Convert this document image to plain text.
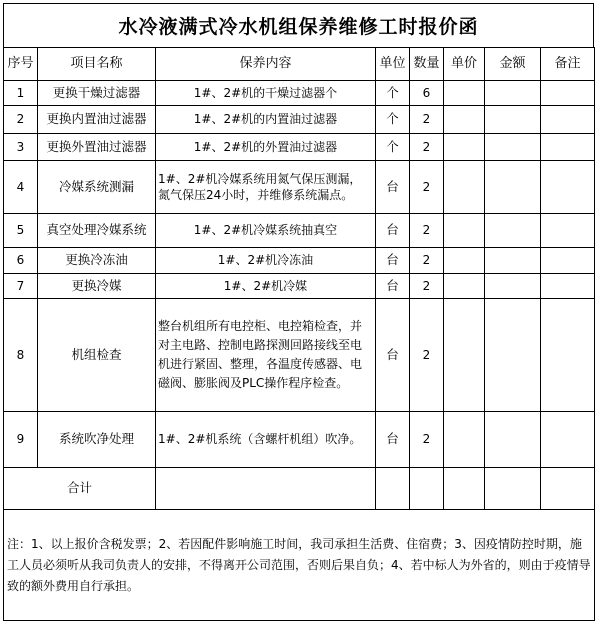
水冷液满式冷水机组保养维修工时报价函
序号	项目名称	保养内容	单位	数量	单价	金额	备注
1	更换干燥过滤器	1#、2#机的干燥过滤器个	个	6			
2	更换内置油过滤器	1#、2#机的内置油过滤器	个	2			
3	更换外置油过滤器	1#、2#机的外置油过滤器	个	2			
4	冷媒系统测漏	1#、2#机冷媒系统用氮气保压测漏，氮气保压24小时，并维修系统漏点。	台	2			
5	真空处理冷媒系统	1#、2#机冷媒系统抽真空	台	2			
6	更换冷冻油	1#、2#机冷冻油	台	2			
7	更换冷媒	1#、2#机冷媒	台	2			
8	机组检查	整台机组所有电控柜、电控箱检查，并对主电路、控制电路探测回路接线至电机进行紧固、整理，各温度传感器、电磁阀、膨胀阀及PLC操作程序检查。	台	2			
9	系统吹净处理	1#、2#机系统（含螺杆机组）吹净。	台	2			
合计							
注：1、以上报价含税发票；2、若因配件影响施工时间，我司承担生活费、住宿费；3、因疫情防控时期，施工人员必须听从我司负责人的安排，不得离开公司范围，否则后果自负；4、若中标人为外省的，则由于疫情导致的额外费用自行承担。							
